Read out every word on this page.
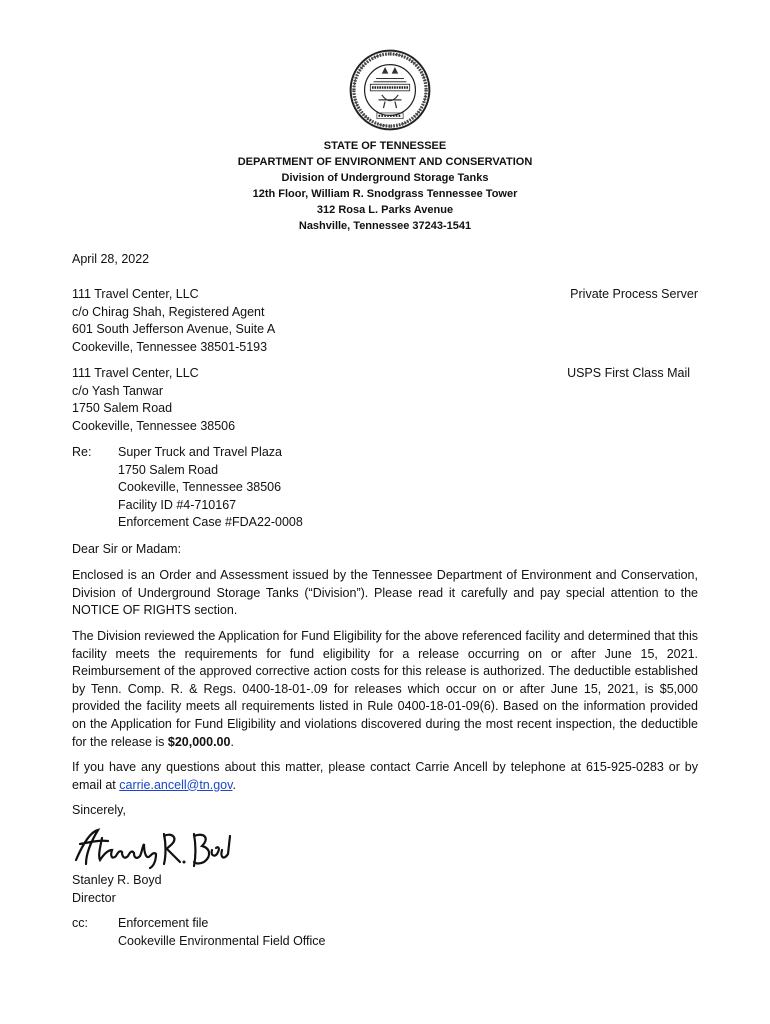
STATE OF TENNESSEE
DEPARTMENT OF ENVIRONMENT AND CONSERVATION
Division of Underground Storage Tanks
12th Floor, William R. Snodgrass Tennessee Tower
312 Rosa L. Parks Avenue
Nashville, Tennessee 37243-1541
April 28, 2022
111 Travel Center, LLC
c/o Chirag Shah, Registered Agent
601 South Jefferson Avenue, Suite A
Cookeville, Tennessee 38501-5193
Private Process Server
111 Travel Center, LLC
c/o Yash Tanwar
1750 Salem Road
Cookeville, Tennessee 38506
USPS First Class Mail
Re: Super Truck and Travel Plaza
1750 Salem Road
Cookeville, Tennessee 38506
Facility ID #4-710167
Enforcement Case #FDA22-0008
Dear Sir or Madam:
Enclosed is an Order and Assessment issued by the Tennessee Department of Environment and Conservation, Division of Underground Storage Tanks (“Division”). Please read it carefully and pay special attention to the NOTICE OF RIGHTS section.
The Division reviewed the Application for Fund Eligibility for the above referenced facility and determined that this facility meets the requirements for fund eligibility for a release occurring on or after June 15, 2021. Reimbursement of the approved corrective action costs for this release is authorized. The deductible established by Tenn. Comp. R. & Regs. 0400-18-01-.09 for releases which occur on or after June 15, 2021, is $5,000 provided the facility meets all requirements listed in Rule 0400-18-01-09(6). Based on the information provided on the Application for Fund Eligibility and violations discovered during the most recent inspection, the deductible for the release is $20,000.00.
If you have any questions about this matter, please contact Carrie Ancell by telephone at 615-925-0283 or by email at carrie.ancell@tn.gov.
Sincerely,
Stanley R. Boyd
Director
cc: Enforcement file
Cookeville Environmental Field Office
